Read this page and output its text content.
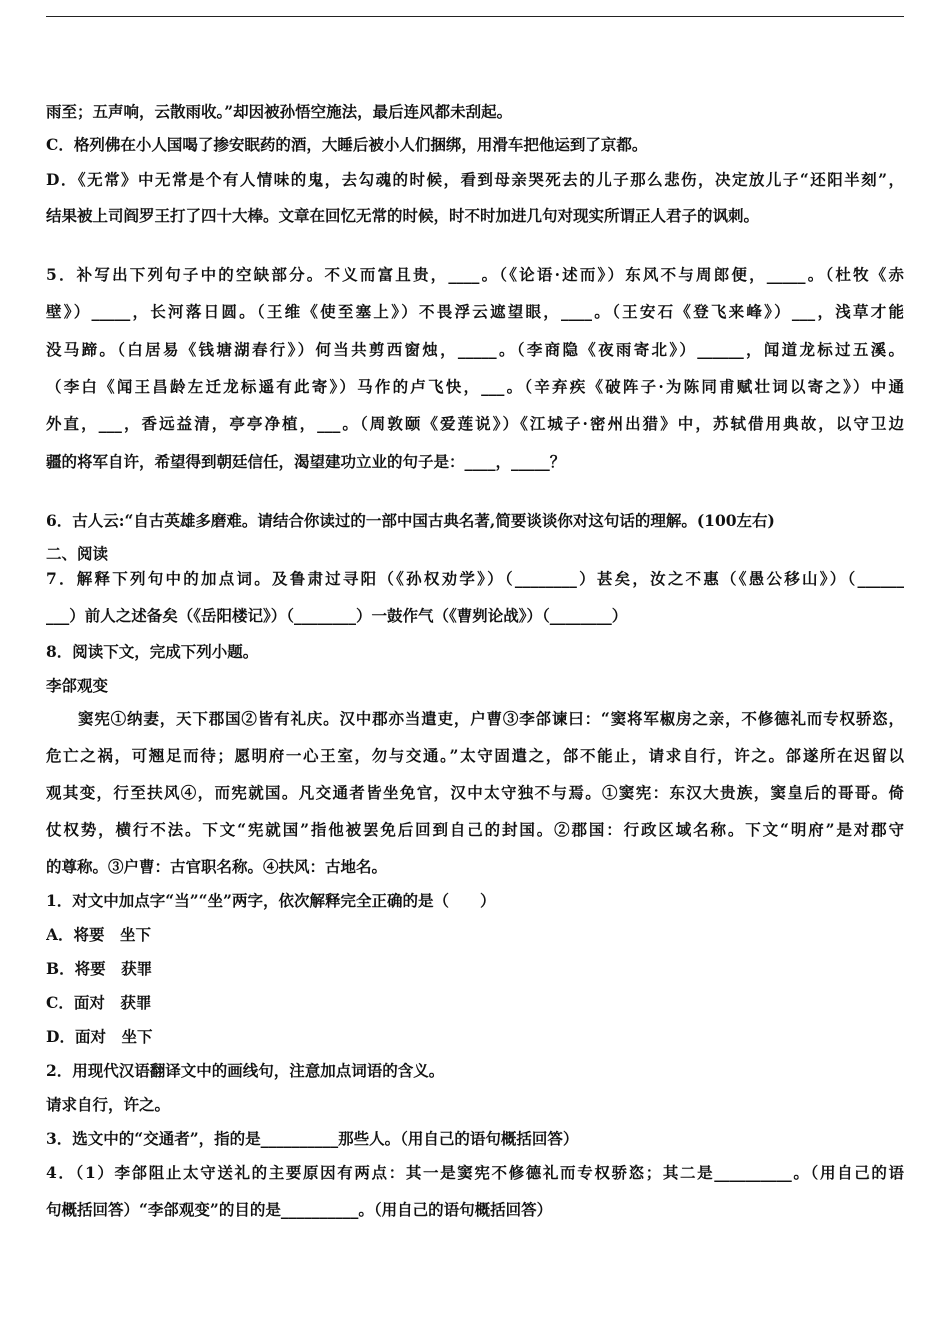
雨至；五声响，云散雨收。”却因被孙悟空施法，最后连风都未刮起。
C．格列佛在小人国喝了掺安眠药的酒，大睡后被小人们捆绑，用滑车把他运到了京都。
D．《无常》中无常是个有人情味的鬼，去勾魂的时候，看到母亲哭死去的儿子那么悲伤，决定放儿子“还阳半刻”，
结果被上司阎罗王打了四十大棒。文章在回忆无常的时候，时不时加进几句对现实所谓正人君子的讽刺。
5．补写出下列句子中的空缺部分。不义而富且贵，____。（《论语·述而》）东风不与周郎便，_____。（杜牧《赤
壁》）_____，长河落日圆。（王维《使至塞上》）不畏浮云遮望眼，____。（王安石《登飞来峰》）___，浅草才能
没马蹄。（白居易《钱塘湖春行》）何当共剪西窗烛，_____。（李商隐《夜雨寄北》）______，闻道龙标过五溪。
（李白《闻王昌龄左迁龙标遥有此寄》）马作的卢飞快，___。（辛弃疾《破阵子·为陈同甫赋壮词以寄之》）中通
外直，___，香远益清，亭亭净植，___。（周敦颐《爱莲说》）《江城子·密州出猎》中，苏轼借用典故，以守卫边
疆的将军自许，希望得到朝廷信任，渴望建功立业的句子是：____，_____？
6．古人云:“自古英雄多磨难。请结合你读过的一部中国古典名著,简要谈谈你对这句话的理解。(100左右)
二、阅读
7．解释下列句中的加点词。及鲁肃过寻阳（《孙权劝学》）（________）甚矣，汝之不惠（《愚公移山》）（______
___）前人之述备矣（《岳阳楼记》）（________）一鼓作气（《曹刿论战》）（________）
8．阅读下文，完成下列小题。
李郃观变
窦宪①纳妻，天下郡国②皆有礼庆。汉中郡亦当遣吏，户曹③李郃谏曰：“窦将军椒房之亲，不修德礼而专权骄恣，
危亡之祸，可翘足而待；愿明府一心王室，勿与交通。”太守固遣之，郃不能止，请求自行，许之。郃遂所在迟留以
观其变，行至扶风④，而宪就国。凡交通者皆坐免官，汉中太守独不与焉。①窦宪：东汉大贵族，窦皇后的哥哥。倚
仗权势，横行不法。下文“宪就国”指他被罢免后回到自己的封国。②郡国：行政区域名称。下文“明府”是对郡守
的尊称。③户曹：古官职名称。④扶风：古地名。
1．对文中加点字“当”“坐”两字，依次解释完全正确的是（　　）
A．将要　坐下
B．将要　获罪
C．面对　获罪
D．面对　坐下
2．用现代汉语翻译文中的画线句，注意加点词语的含义。
请求自行，许之。
3．选文中的“交通者”，指的是__________那些人。（用自己的语句概括回答）
4．（1）李郃阻止太守送礼的主要原因有两点：其一是窦宪不修德礼而专权骄恣；其二是__________。（用自己的语
句概括回答）“李郃观变”的目的是__________。（用自己的语句概括回答）
